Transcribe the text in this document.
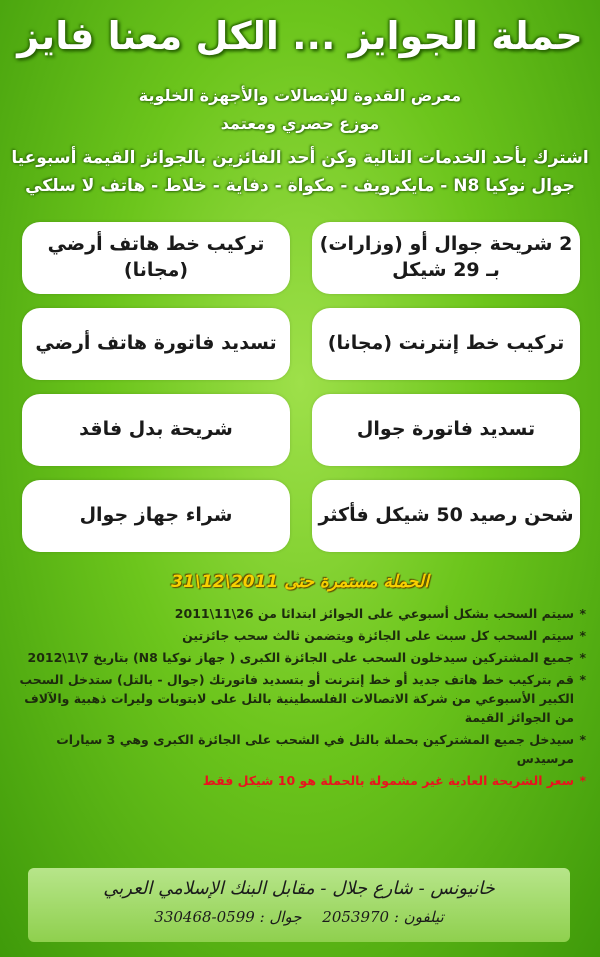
حملة الجوايز ... الكل معنا فايز
معرض القدوة للإتصالات والأجهزة الخلوية
موزع حصري ومعتمد
اشترك بأحد الخدمات التالية وكن أحد الفائزين بالجوائز القيمة أسبوعيا
جوال نوكيا N8 - مايكرويف - مكواة - دفاية - خلاط - هاتف لا سلكي
2 شريحة جوال أو (وزارات)
بـ 29 شيكل
تركيب خط هاتف أرضي
(مجانا)
تركيب خط إنترنت (مجانا)
تسديد فاتورة هاتف أرضي
تسديد فاتورة جوال
شريحة بدل فاقد
شحن رصيد 50 شيكل فأكثر
شراء جهاز جوال
الحملة مستمرة حتى 2011\12\31
*
سيتم السحب بشكل أسبوعي على الجوائز ابتدائا من 26\11\2011
*
سيتم السحب كل سبت على الجائزة ويتضمن ثالث سحب جائزتين
*
جميع المشتركين سيدخلون السحب على الجائزة الكبرى ( جهاز نوكيا N8) بتاريخ 7\1\2012
*
قم بتركيب خط هاتف جديد أو خط إنترنت أو بتسديد فاتورتك (جوال - بالتل) ستدخل السحب الكبير الأسبوعي من شركة الاتصالات الفلسطينية بالتل على لابتوبات وليرات ذهبية والآلاف من الجوائز القيمة
*
سيدخل جميع المشتركين بحملة بالتل في الشحب على الجائزة الكبرى وهي 3 سيارات مرسيدس
*
سعر الشريحة العادية غير مشمولة بالحملة هو 10 شيكل فقط
خانيونس - شارع جلال - مقابل البنك الإسلامي العربي
تيلفون : 2053970 جوال : 0599-330468
